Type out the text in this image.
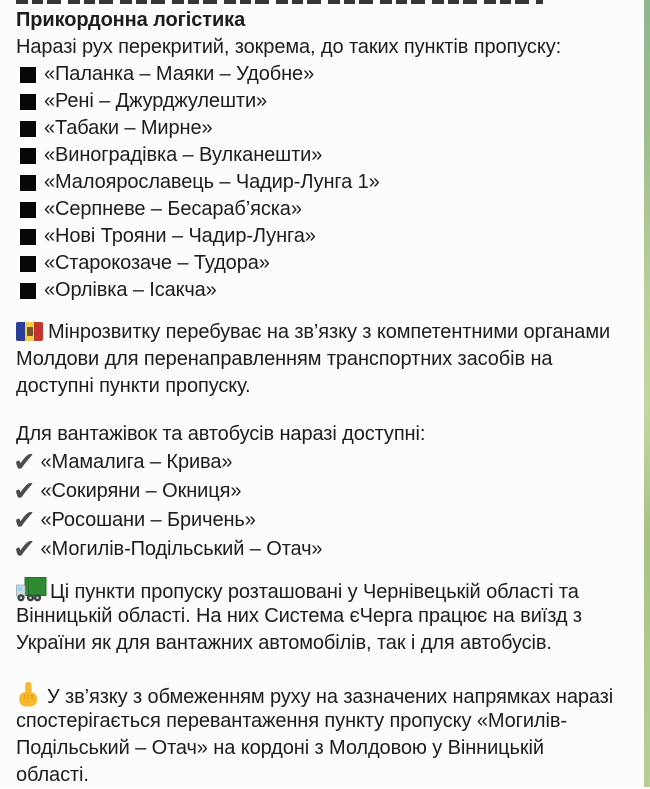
Прикордонна логістика
Наразі рух перекритий, зокрема, до таких пунктів пропуску:
«Паланка – Маяки – Удобне»
«Рені – Джурджулешти»
«Табаки – Мирне»
«Виноградівка – Вулканешти»
«Малоярославець – Чадир-Лунга 1»
«Серпневе – Бесараб’яска»
«Нові Трояни – Чадир-Лунга»
«Старокозаче – Тудора»
«Орлівка – Ісакча»
Мінрозвитку перебуває на зв’язку з компетентними органами
Молдови для перенаправленням транспортних засобів на
доступні пункти пропуску.
Для вантажівок та автобусів наразі доступні:
✔ «Мамалига – Крива»
✔ «Сокиряни – Окниця»
✔ «Росошани – Бричень»
✔ «Могилів-Подільський – Отач»
Ці пункти пропуску розташовані у Чернівецькій області та
Вінницькій області. На них Система єЧерга працює на виїзд з
України як для вантажних автомобілів, так і для автобусів.
У зв’язку з обмеженням руху на зазначених напрямках наразі
спостерігається перевантаження пункту пропуску «Могилів-
Подільський – Отач» на кордоні з Молдовою у Вінницькій
області.
